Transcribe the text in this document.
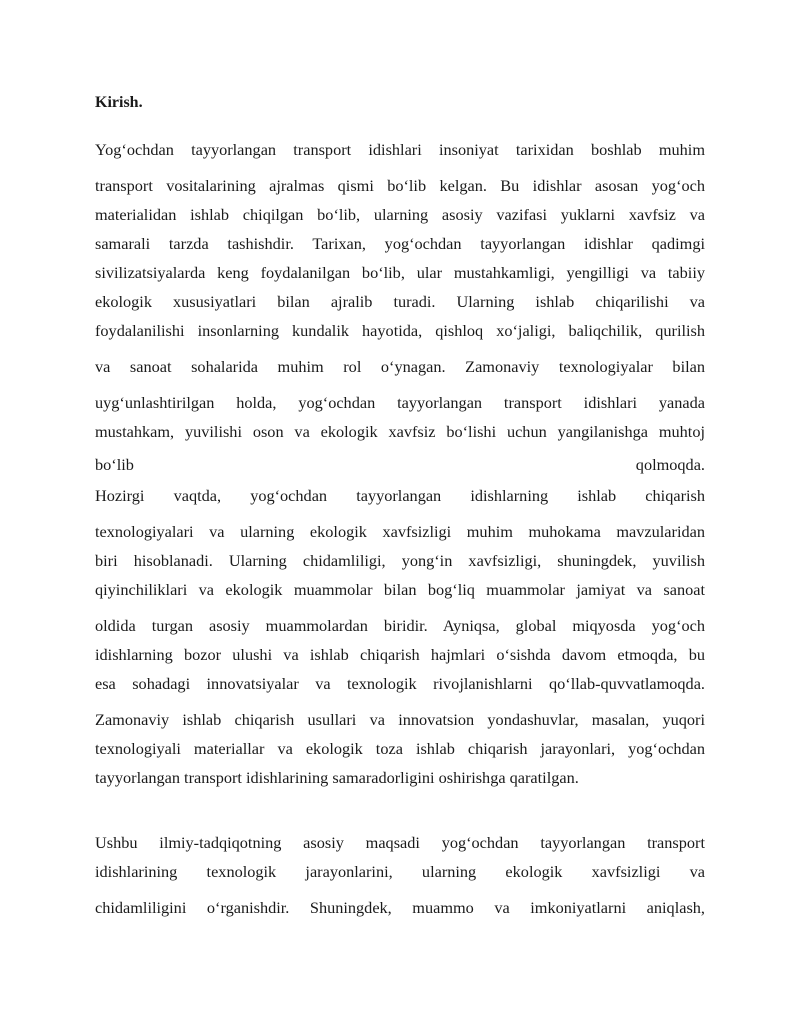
Kirish.
Yog‘ochdan tayyorlangan transport idishlari insoniyat tarixidan boshlab muhim
transport vositalarining ajralmas qismi bo‘lib kelgan. Bu idishlar asosan yog‘och
materialidan ishlab chiqilgan bo‘lib, ularning asosiy vazifasi yuklarni xavfsiz va
samarali tarzda tashishdir. Tarixan, yog‘ochdan tayyorlangan idishlar qadimgi
sivilizatsiyalarda keng foydalanilgan bo‘lib, ular mustahkamligi, yengilligi va tabiiy
ekologik xususiyatlari bilan ajralib turadi. Ularning ishlab chiqarilishi va
foydalanilishi insonlarning kundalik hayotida, qishloq xo‘jaligi, baliqchilik, qurilish
va sanoat sohalarida muhim rol o‘ynagan. Zamonaviy texnologiyalar bilan
uyg‘unlashtirilgan holda, yog‘ochdan tayyorlangan transport idishlari yanada
mustahkam, yuvilishi oson va ekologik xavfsiz bo‘lishi uchun yangilanishga muhtoj
bo‘lib qolmoqda.
Hozirgi vaqtda, yog‘ochdan tayyorlangan idishlarning ishlab chiqarish
texnologiyalari va ularning ekologik xavfsizligi muhim muhokama mavzularidan
biri hisoblanadi. Ularning chidamliligi, yong‘in xavfsizligi, shuningdek, yuvilish
qiyinchiliklari va ekologik muammolar bilan bog‘liq muammolar jamiyat va sanoat
oldida turgan asosiy muammolardan biridir. Ayniqsa, global miqyosda yog‘och
idishlarning bozor ulushi va ishlab chiqarish hajmlari o‘sishda davom etmoqda, bu
esa sohadagi innovatsiyalar va texnologik rivojlanishlarni qo‘llab-quvvatlamoqda.
Zamonaviy ishlab chiqarish usullari va innovatsion yondashuvlar, masalan, yuqori
texnologiyali materiallar va ekologik toza ishlab chiqarish jarayonlari, yog‘ochdan
tayyorlangan transport idishlarining samaradorligini oshirishga qaratilgan.
Ushbu ilmiy-tadqiqotning asosiy maqsadi yog‘ochdan tayyorlangan transport
idishlarining texnologik jarayonlarini, ularning ekologik xavfsizligi va
chidamliligini o‘rganishdir. Shuningdek, muammo va imkoniyatlarni aniqlash,
